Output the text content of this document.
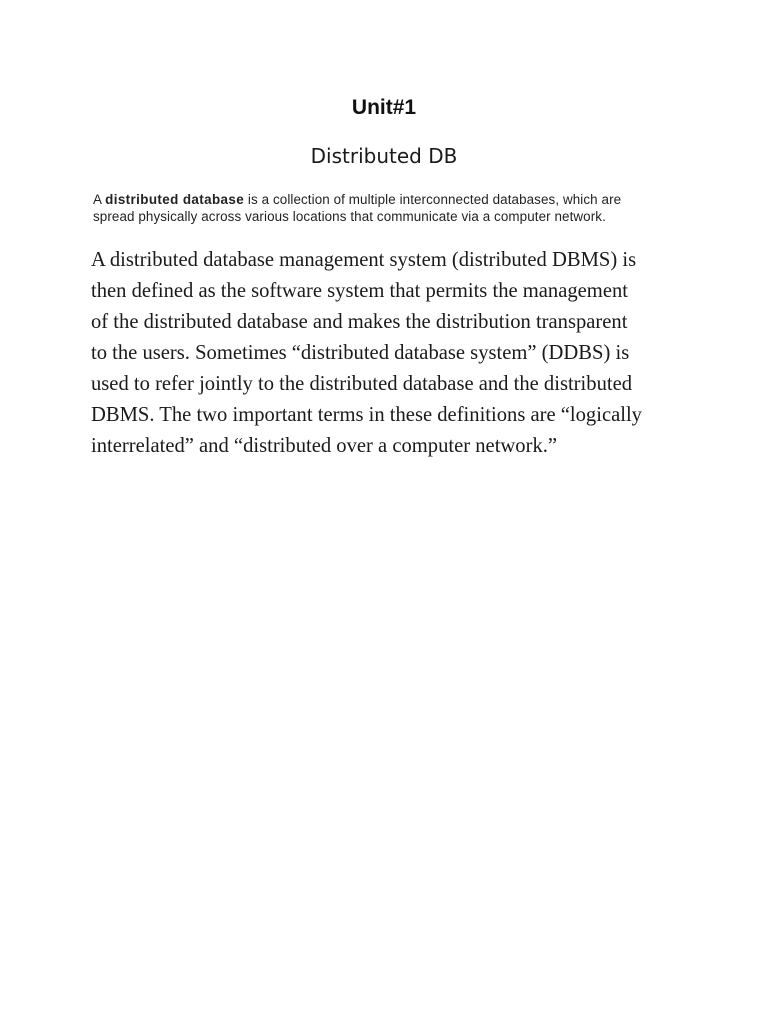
Unit#1
Distributed DB
A distributed database is a collection of multiple interconnected databases, which are
spread physically across various locations that communicate via a computer network.
A distributed database management system (distributed DBMS) is
then defined as the software system that permits the management
of the distributed database and makes the distribution transparent
to the users. Sometimes “distributed database system” (DDBS) is
used to refer jointly to the distributed database and the distributed
DBMS. The two important terms in these definitions are “logically
interrelated” and “distributed over a computer network.”
